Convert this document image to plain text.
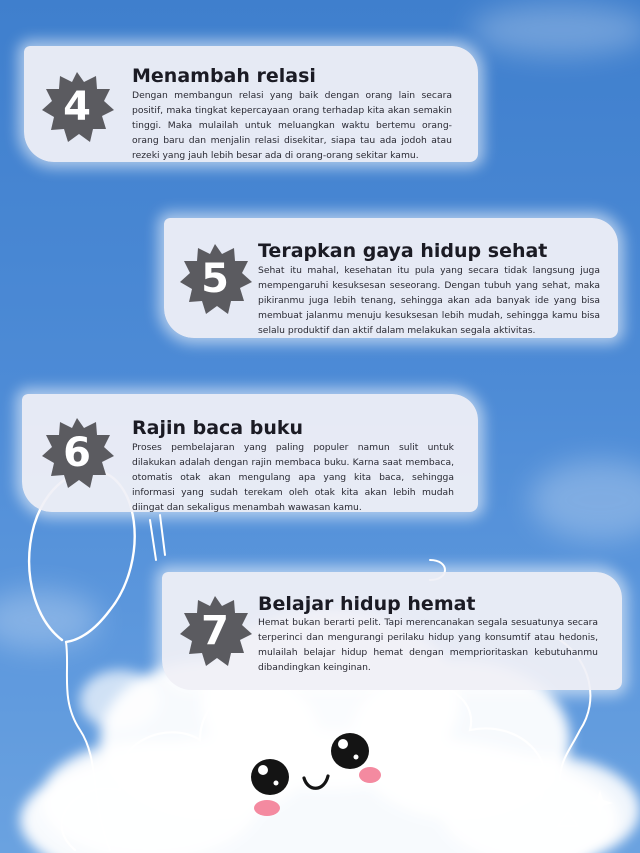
4
Menambah relasi
Dengan membangun relasi yang baik dengan orang lain secara positif, maka tingkat kepercayaan orang terhadap kita akan semakin tinggi. Maka mulailah untuk meluangkan waktu bertemu orang-orang baru dan menjalin relasi disekitar, siapa tau ada jodoh atau rezeki yang jauh lebih besar ada di orang-orang sekitar kamu.
5
Terapkan gaya hidup sehat
Sehat itu mahal, kesehatan itu pula yang secara tidak langsung juga mempengaruhi kesuksesan seseorang. Dengan tubuh yang sehat, maka pikiranmu juga lebih tenang, sehingga akan ada banyak ide yang bisa membuat jalanmu menuju kesuksesan lebih mudah, sehingga kamu bisa selalu produktif dan aktif dalam melakukan segala aktivitas.
6
Rajin baca buku
Proses pembelajaran yang paling populer namun sulit untuk dilakukan adalah dengan rajin membaca buku. Karna saat membaca, otomatis otak akan mengulang apa yang kita baca, sehingga informasi yang sudah terekam oleh otak kita akan lebih mudah diingat dan sekaligus menambah wawasan kamu.
7
Belajar hidup hemat
Hemat bukan berarti pelit. Tapi merencanakan segala sesuatunya secara terperinci dan mengurangi perilaku hidup yang konsumtif atau hedonis, mulailah belajar hidup hemat dengan memprioritaskan kebutuhanmu dibandingkan keinginan.
